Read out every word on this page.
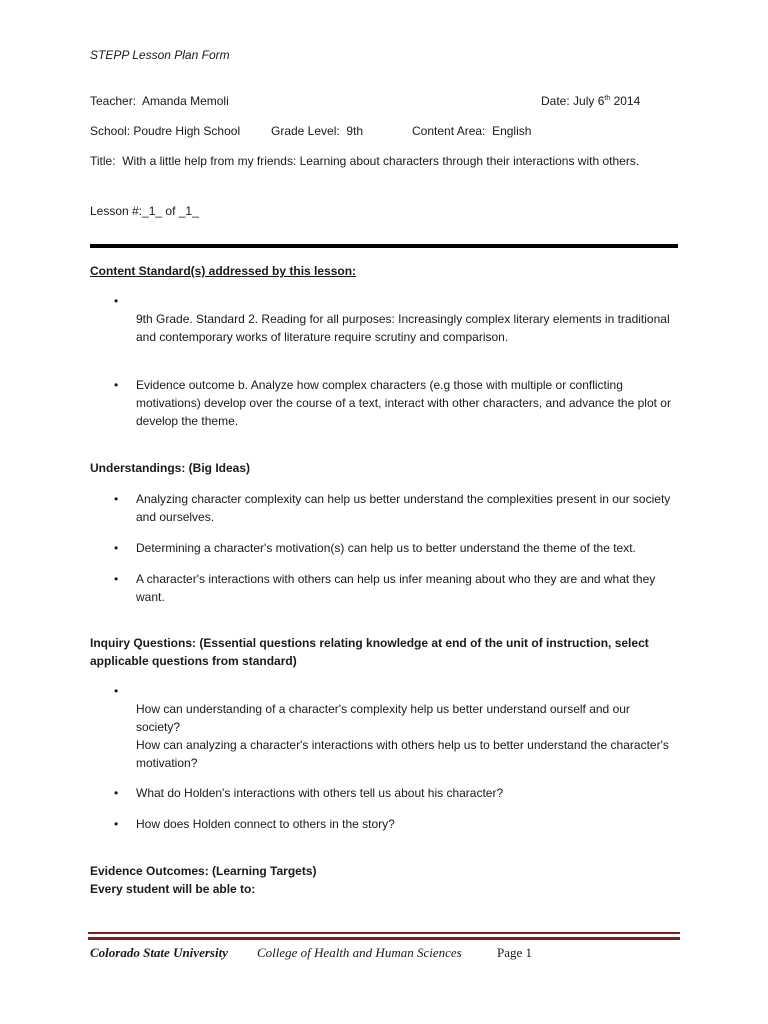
STEPP Lesson Plan Form
Teacher: Amanda Memoli	Date: July 6th 2014
School: Poudre High School	Grade Level: 9th	Content Area: English
Title: With a little help from my friends: Learning about characters through their interactions with others.
Lesson #:_1_ of _1_
Content Standard(s) addressed by this lesson:
•
9th Grade. Standard 2. Reading for all purposes: Increasingly complex literary elements in traditional and contemporary works of literature require scrutiny and comparison.
• Evidence outcome b. Analyze how complex characters (e.g those with multiple or conflicting motivations) develop over the course of a text, interact with other characters, and advance the plot or develop the theme.
Understandings: (Big Ideas)
• Analyzing character complexity can help us better understand the complexities present in our society and ourselves.
• Determining a character's motivation(s) can help us to better understand the theme of the text.
• A character's interactions with others can help us infer meaning about who they are and what they want.
Inquiry Questions: (Essential questions relating knowledge at end of the unit of instruction, select applicable questions from standard)
•
How can understanding of a character's complexity help us better understand ourself and our society?
How can analyzing a character's interactions with others help us to better understand the character's motivation?
• What do Holden's interactions with others tell us about his character?
• How does Holden connect to others in the story?
Evidence Outcomes: (Learning Targets)
Every student will be able to:
Colorado State University College of Health and Human Sciences	Page 1
